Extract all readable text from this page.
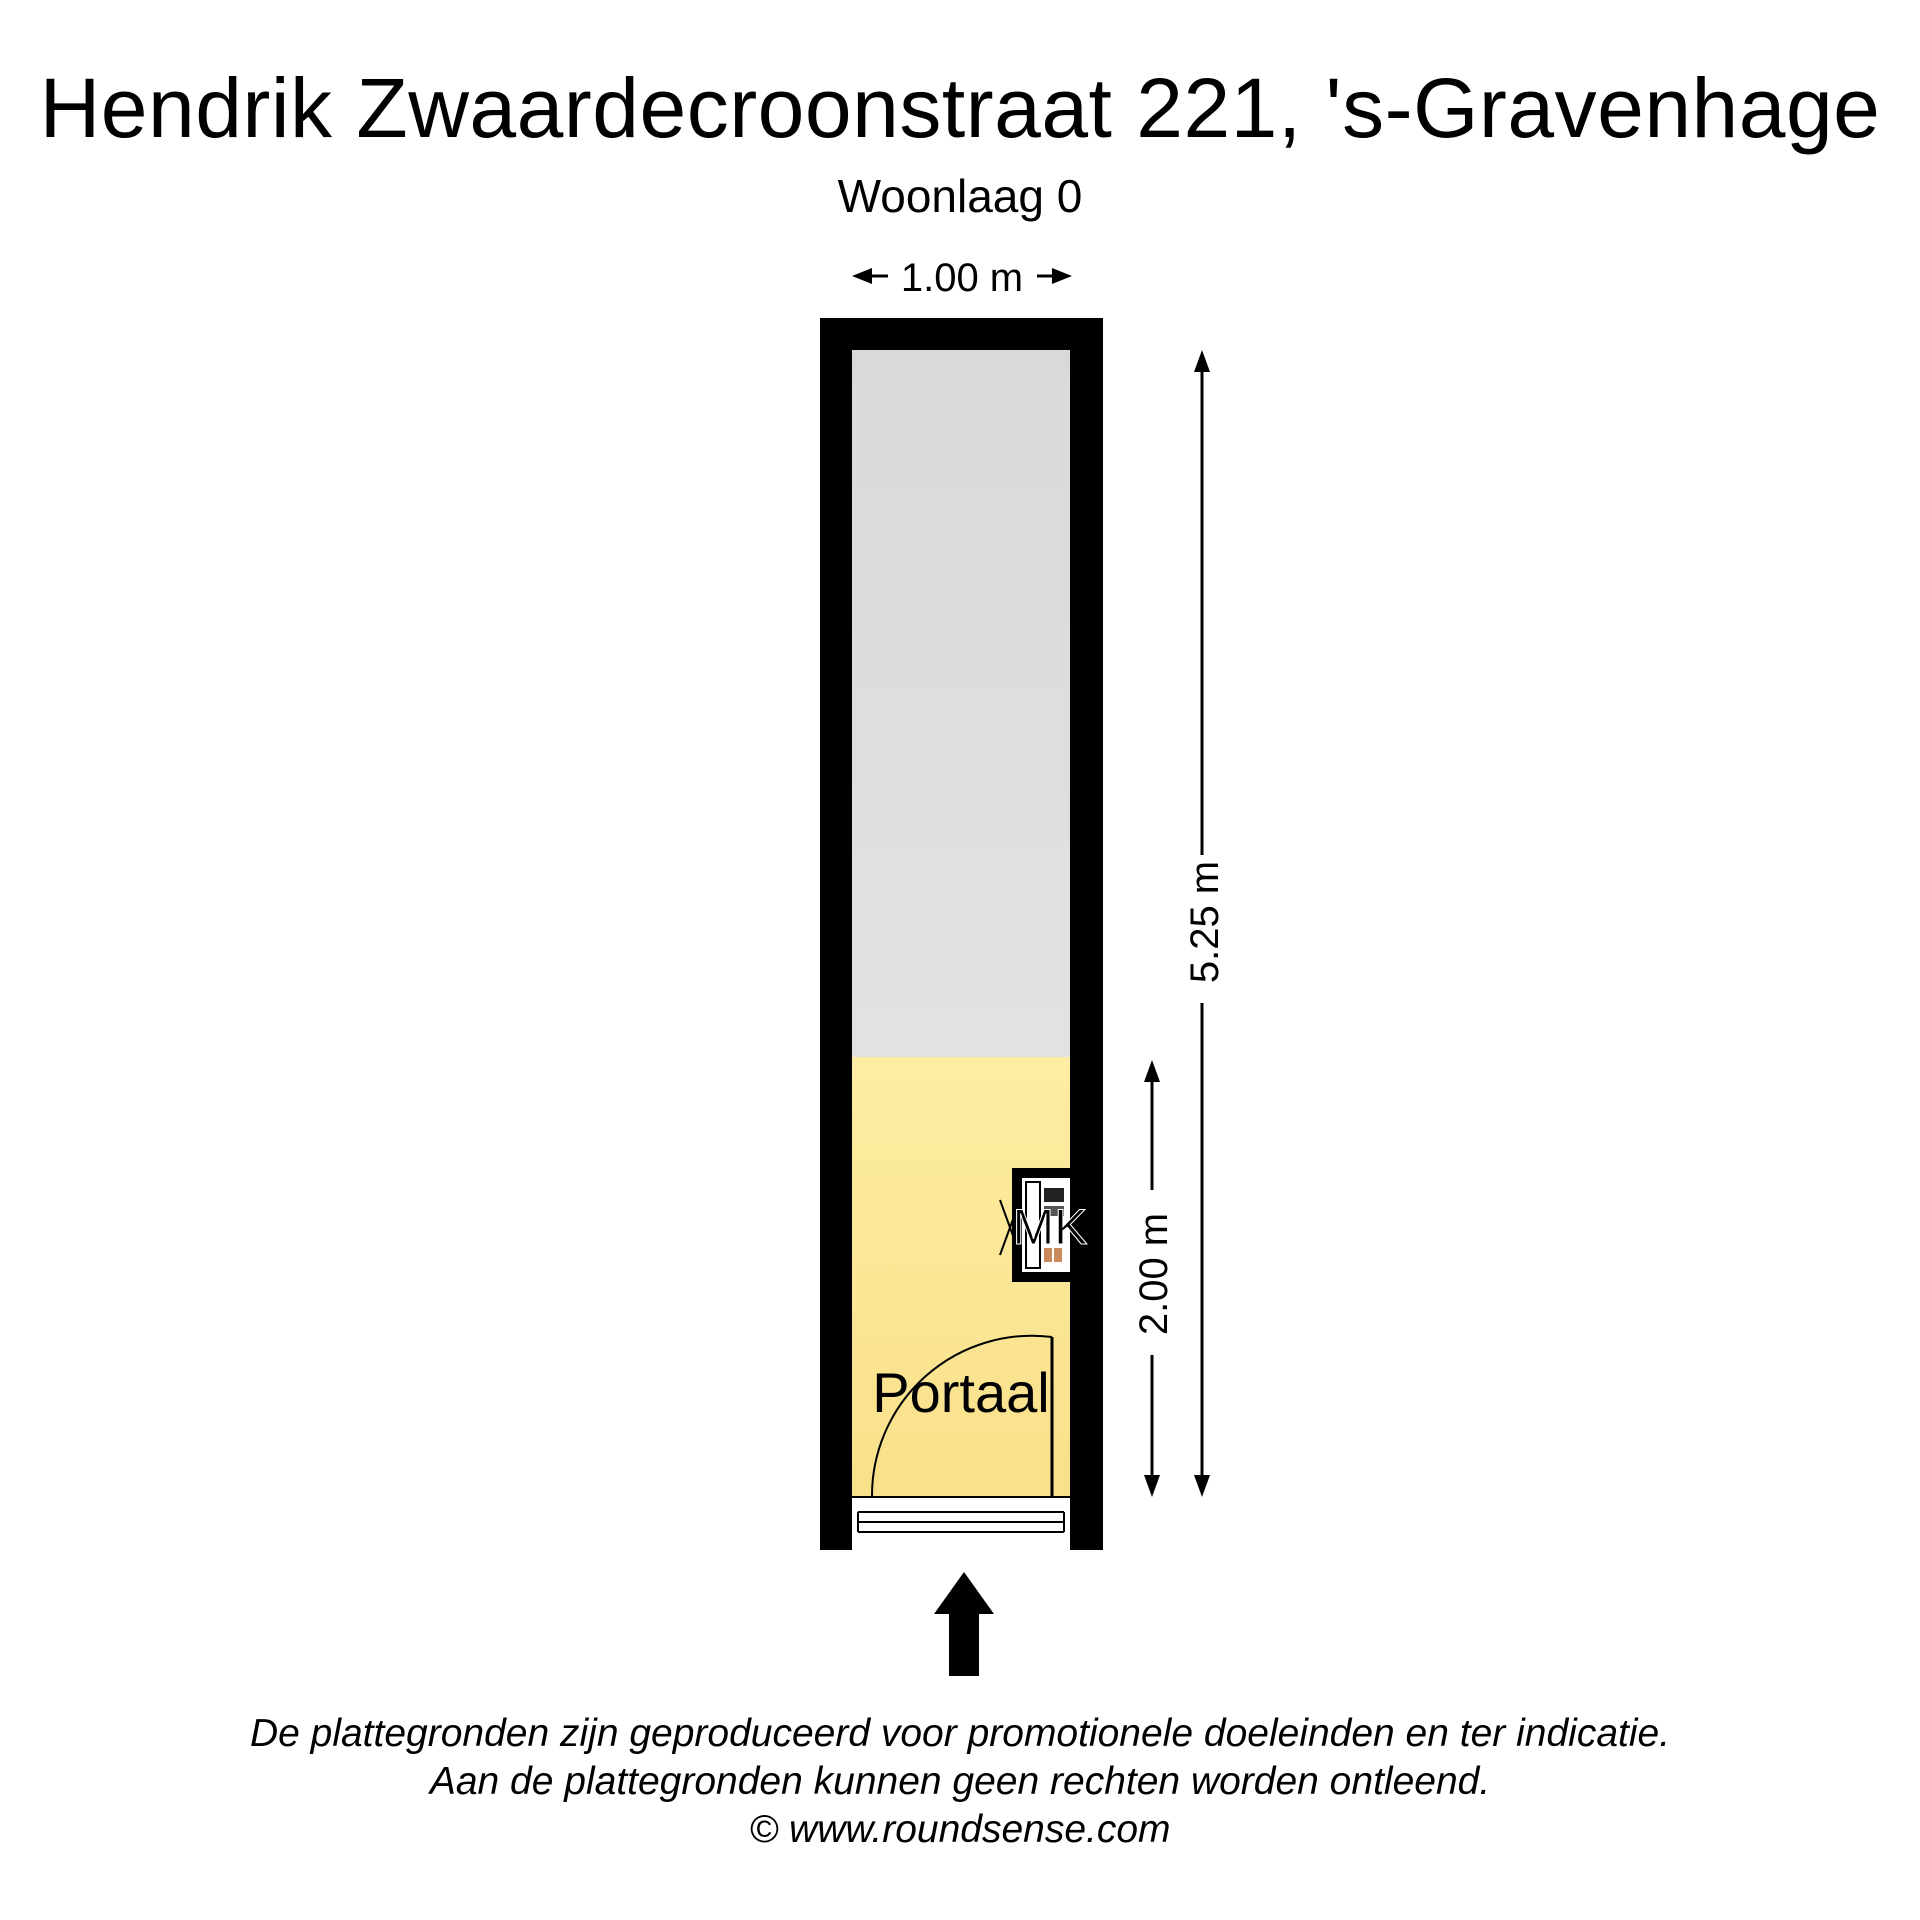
Hendrik Zwaardecroonstraat 221, 's-Gravenhage
Woonlaag 0
MK
Portaal
1.00 m
5.25 m
2.00 m
De plattegronden zijn geproduceerd voor promotionele doeleinden en ter indicatie.
Aan de plattegronden kunnen geen rechten worden ontleend.
© www.roundsense.com
